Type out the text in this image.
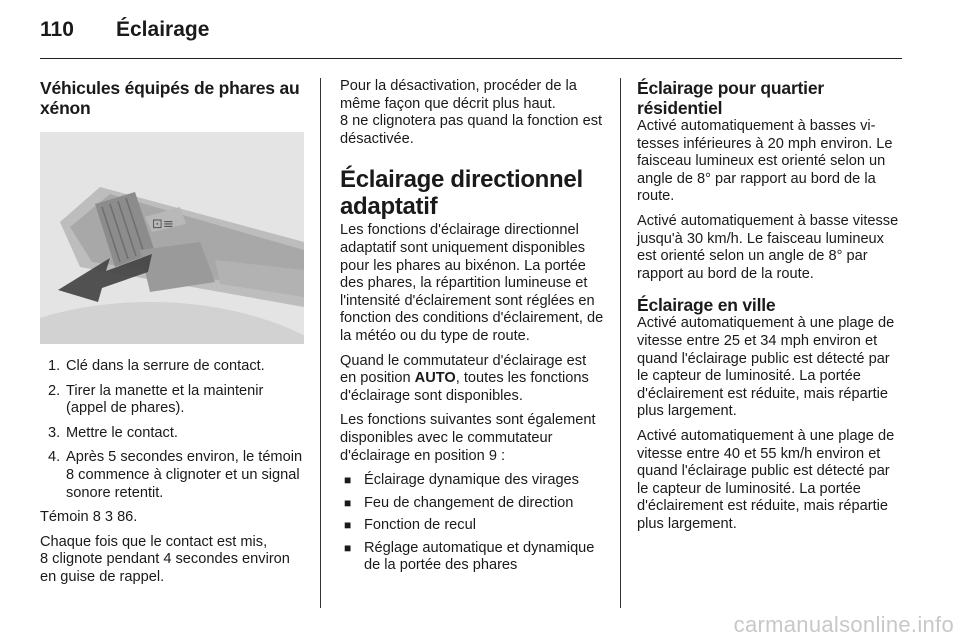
110 Éclairage
Véhicules équipés de phares au xénon
⊡≡
1. Clé dans la serrure de contact.
2. Tirer la manette et la maintenir (appel de phares).
3. Mettre le contact.
4. Après 5 secondes environ, le témoin 8 commence à clignoter et un signal sonore retentit.

Témoin 8 3 86.

Chaque fois que le contact est mis,
8 clignote pendant 4 secondes environ en guise de rappel.

Pour la désactivation, procéder de la même façon que décrit plus haut.
8 ne clignotera pas quand la fonction est désactivée.

Éclairage directionnel adaptatif

Les fonctions d'éclairage directionnel adaptatif sont uniquement disponibles pour les phares au bixénon. La portée des phares, la répartition lumineuse et l'intensité d'éclairement sont réglées en fonction des conditions d'éclairement, de la météo ou du type de route.

Quand le commutateur d'éclairage est en position AUTO, toutes les fonctions d'éclairage sont disponibles.

Les fonctions suivantes sont également disponibles avec le commutateur d'éclairage en position 9 :

■ Éclairage dynamique des virages
■ Feu de changement de direction
■ Fonction de recul
■ Réglage automatique et dynamique de la portée des phares
Éclairage pour quartier résidentiel

Activé automatiquement à basses vitesses inférieures à 20 mph environ. Le faisceau lumineux est orienté selon un angle de 8° par rapport au bord de la route.

Activé automatiquement à basse vitesse jusqu'à 30 km/h. Le faisceau lumineux est orienté selon un angle de 8° par rapport au bord de la route.

Éclairage en ville

Activé automatiquement à une plage de vitesse entre 25 et 34 mph environ et quand l'éclairage public est détecté par le capteur de luminosité. La portée d'éclairement est réduite, mais répartie plus largement.

Activé automatiquement à une plage de vitesse entre 40 et 55 km/h environ et quand l'éclairage public est détecté par le capteur de luminosité. La portée d'éclairement est réduite, mais répartie plus largement.

carmanualsonline.info
